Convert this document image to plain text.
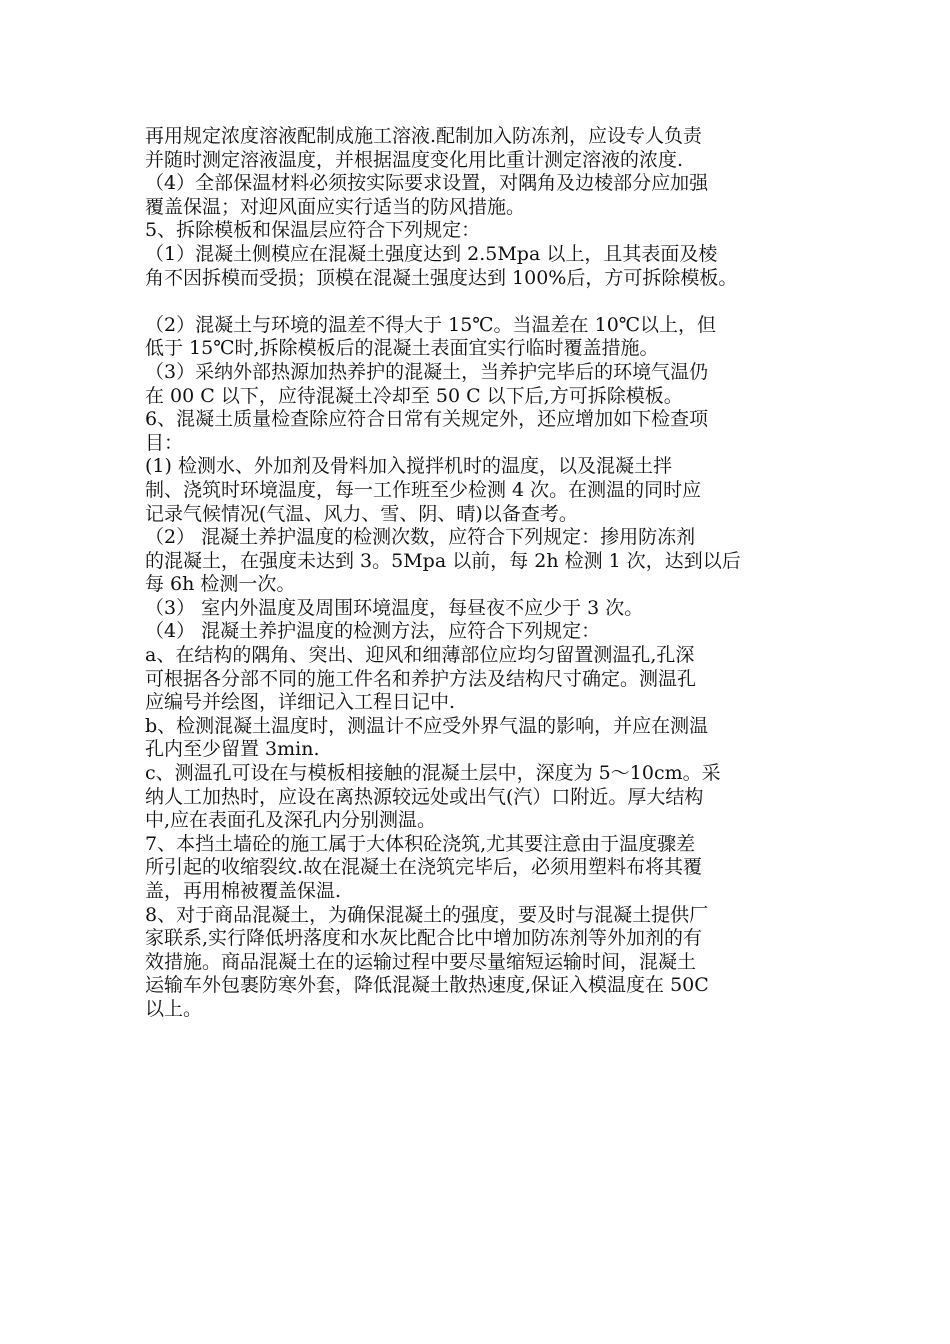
再用规定浓度溶液配制成施工溶液.配制加入防冻剂，应设专人负责
并随时测定溶液温度，并根据温度变化用比重计测定溶液的浓度.
（4）全部保温材料必须按实际要求设置，对隅角及边棱部分应加强
覆盖保温；对迎风面应实行适当的防风措施。
5、拆除模板和保温层应符合下列规定：
（1）混凝土侧模应在混凝土强度达到 2.5Mpa 以上，且其表面及棱
角不因拆模而受损；顶模在混凝土强度达到 100%后，方可拆除模板。
（2）混凝土与环境的温差不得大于 15℃。当温差在 10℃以上，但
低于 15℃时,拆除模板后的混凝土表面宜实行临时覆盖措施。
（3）采纳外部热源加热养护的混凝土，当养护完毕后的环境气温仍
在 00 C 以下，应待混凝土冷却至 50 C 以下后,方可拆除模板。
6、混凝土质量检查除应符合日常有关规定外，还应增加如下检查项
目：
(1) 检测水、外加剂及骨料加入搅拌机时的温度，以及混凝土拌
制、浇筑时环境温度，每一工作班至少检测 4 次。在测温的同时应
记录气候情况(气温、风力、雪、阴、晴)以备查考。
（2） 混凝土养护温度的检测次数，应符合下列规定：掺用防冻剂
的混凝土，在强度未达到 3。5Mpa 以前，每 2h 检测 1 次，达到以后
每 6h 检测一次。
（3） 室内外温度及周围环境温度，每昼夜不应少于 3 次。
（4） 混凝土养护温度的检测方法，应符合下列规定：
a、在结构的隅角、突出、迎风和细薄部位应均匀留置测温孔,孔深
可根据各分部不同的施工件名和养护方法及结构尺寸确定。测温孔
应编号并绘图，详细记入工程日记中.
b、检测混凝土温度时，测温计不应受外界气温的影响，并应在测温
孔内至少留置 3min.
c、测温孔可设在与模板相接触的混凝土层中，深度为 5～10cm。采
纳人工加热时，应设在离热源较远处或出气(汽）口附近。厚大结构
中,应在表面孔及深孔内分别测温。
7、本挡土墙砼的施工属于大体积砼浇筑,尤其要注意由于温度骤差
所引起的收缩裂纹.故在混凝土在浇筑完毕后，必须用塑料布将其覆
盖，再用棉被覆盖保温.
8、对于商品混凝土，为确保混凝土的强度，要及时与混凝土提供厂
家联系,实行降低坍落度和水灰比配合比中增加防冻剂等外加剂的有
效措施。商品混凝土在的运输过程中要尽量缩短运输时间，混凝土
运输车外包裹防寒外套，降低混凝土散热速度,保证入模温度在 50C
以上。
